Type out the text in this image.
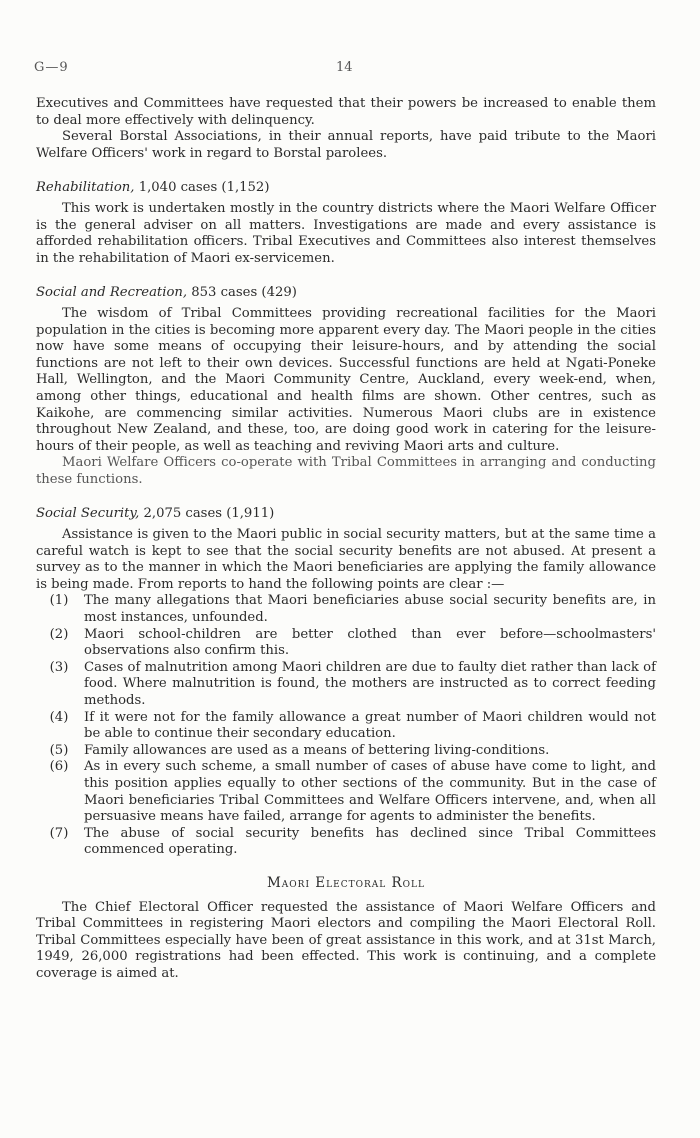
G—9	14

Executives and Committees have requested that their powers be increased to enable them to deal more effectively with delinquency.

Several Borstal Associations, in their annual reports, have paid tribute to the Maori Welfare Officers' work in regard to Borstal parolees.

Rehabilitation, 1,040 cases (1,152)

This work is undertaken mostly in the country districts where the Maori Welfare Officer is the general adviser on all matters. Investigations are made and every assistance is afforded rehabilitation officers. Tribal Executives and Committees also interest themselves in the rehabilitation of Maori ex-servicemen.

Social and Recreation, 853 cases (429)

The wisdom of Tribal Committees providing recreational facilities for the Maori population in the cities is becoming more apparent every day. The Maori people in the cities now have some means of occupying their leisure-hours, and by attending the social functions are not left to their own devices. Successful functions are held at Ngati-Poneke Hall, Wellington, and the Maori Community Centre, Auckland, every week-end, when, among other things, educational and health films are shown. Other centres, such as Kaikohe, are commencing similar activities. Numerous Maori clubs are in existence throughout New Zealand, and these, too, are doing good work in catering for the leisure-hours of their people, as well as teaching and reviving Maori arts and culture.

Maori Welfare Officers co-operate with Tribal Committees in arranging and conducting these functions.

Social Security, 2,075 cases (1,911)

Assistance is given to the Maori public in social security matters, but at the same time a careful watch is kept to see that the social security benefits are not abused. At present a survey as to the manner in which the Maori beneficiaries are applying the family allowance is being made. From reports to hand the following points are clear :—

(1)	The many allegations that Maori beneficiaries abuse social security benefits are, in most instances, unfounded.
(2)	Maori school-children are better clothed than ever before—schoolmasters' observations also confirm this.
(3)	Cases of malnutrition among Maori children are due to faulty diet rather than lack of food. Where malnutrition is found, the mothers are instructed as to correct feeding methods.
(4)	If it were not for the family allowance a great number of Maori children would not be able to continue their secondary education.
(5)	Family allowances are used as a means of bettering living-conditions.
(6)	As in every such scheme, a small number of cases of abuse have come to light, and this position applies equally to other sections of the community. But in the case of Maori beneficiaries Tribal Committees and Welfare Officers intervene, and, when all persuasive means have failed, arrange for agents to administer the benefits.
(7)	The abuse of social security benefits has declined since Tribal Committees commenced operating.
Maori Electoral Roll

The Chief Electoral Officer requested the assistance of Maori Welfare Officers and Tribal Committees in registering Maori electors and compiling the Maori Electoral Roll. Tribal Committees especially have been of great assistance in this work, and at 31st March, 1949, 26,000 registrations had been effected. This work is continuing, and a complete coverage is aimed at.
